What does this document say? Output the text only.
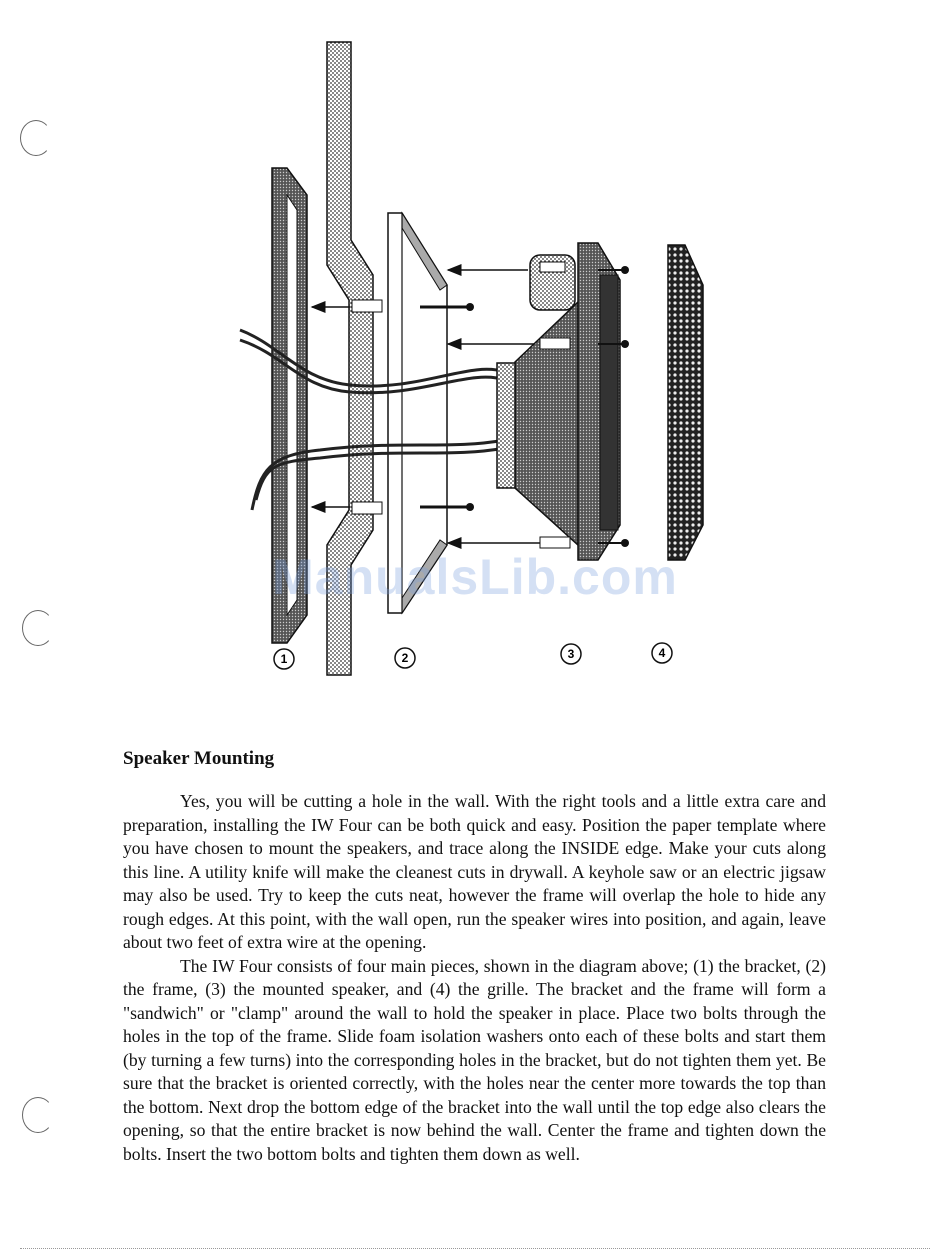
1	2	3	4
ManualsLib.com
Speaker Mounting

Yes, you will be cutting a hole in the wall. With the right tools and a little extra care and preparation, installing the IW Four can be both quick and easy. Position the paper template where you have chosen to mount the speakers, and trace along the INSIDE edge. Make your cuts along this line. A utility knife will make the cleanest cuts in drywall. A keyhole saw or an electric jigsaw may also be used. Try to keep the cuts neat, however the frame will overlap the hole to hide any rough edges. At this point, with the wall open, run the speaker wires into position, and again, leave about two feet of extra wire at the opening.

The IW Four consists of four main pieces, shown in the diagram above; (1) the bracket, (2) the frame, (3) the mounted speaker, and (4) the grille. The bracket and the frame will form a "sandwich" or "clamp" around the wall to hold the speaker in place. Place two bolts through the holes in the top of the frame. Slide foam isolation washers onto each of these bolts and start them (by turning a few turns) into the corresponding holes in the bracket, but do not tighten them yet. Be sure that the bracket is oriented correctly, with the holes near the center more towards the top than the bottom. Next drop the bottom edge of the bracket into the wall until the top edge also clears the opening, so that the entire bracket is now behind the wall. Center the frame and tighten down the bolts. Insert the two bottom bolts and tighten them down as well.
